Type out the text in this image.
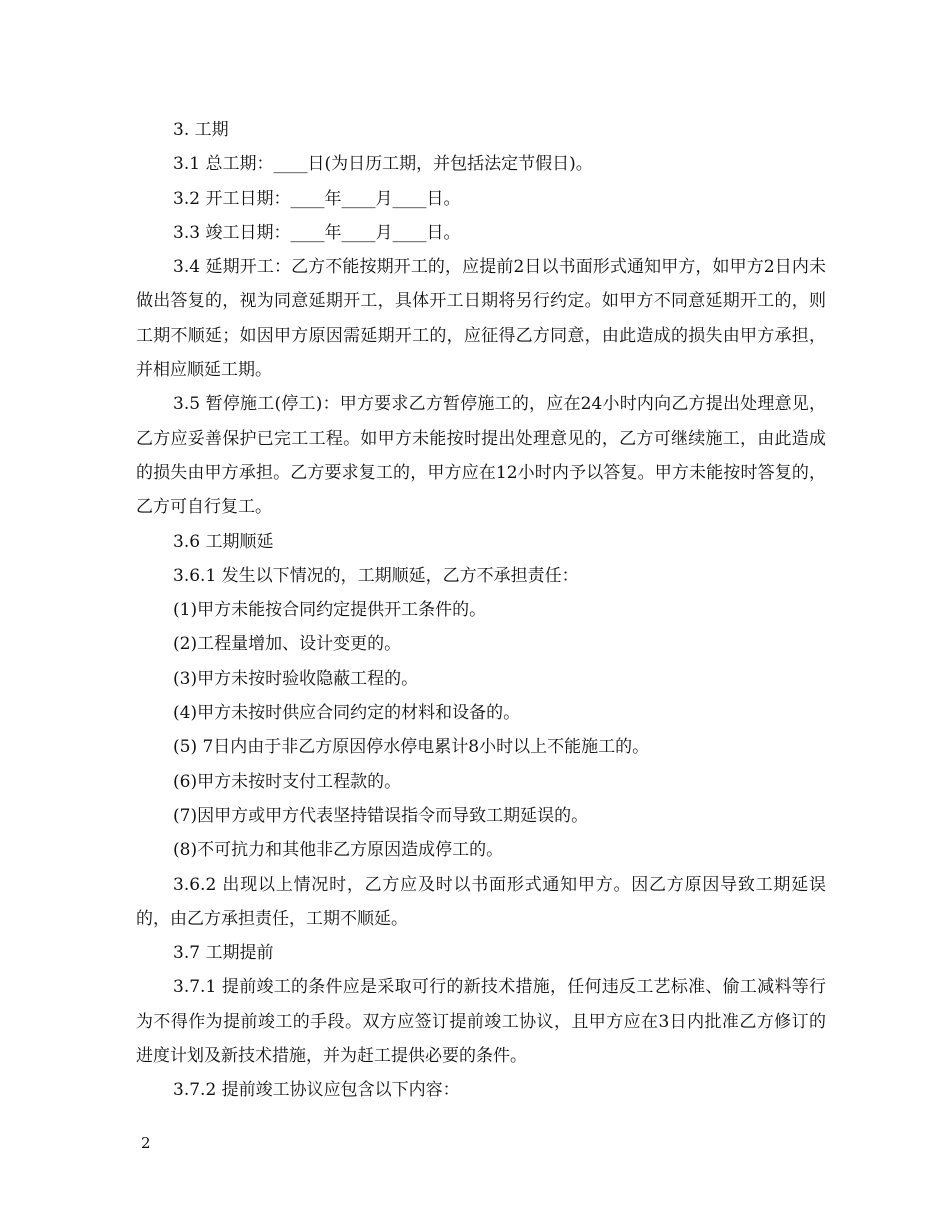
3. 工期

3.1 总工期：____日(为日历工期，并包括法定节假日)。

3.2 开工日期：____年____月____日。

3.3 竣工日期：____年____月____日。

3.4 延期开工：乙方不能按期开工的，应提前2日以书面形式通知甲方，如甲方2日内未做出答复的，视为同意延期开工，具体开工日期将另行约定。如甲方不同意延期开工的，则工期不顺延；如因甲方原因需延期开工的，应征得乙方同意，由此造成的损失由甲方承担，并相应顺延工期。

3.5 暂停施工(停工)：甲方要求乙方暂停施工的，应在24小时内向乙方提出处理意见，乙方应妥善保护已完工工程。如甲方未能按时提出处理意见的，乙方可继续施工，由此造成的损失由甲方承担。乙方要求复工的，甲方应在12小时内予以答复。甲方未能按时答复的，乙方可自行复工。

3.6 工期顺延

3.6.1 发生以下情况的，工期顺延，乙方不承担责任：

(1)甲方未能按合同约定提供开工条件的。

(2)工程量增加、设计变更的。

(3)甲方未按时验收隐蔽工程的。

(4)甲方未按时供应合同约定的材料和设备的。

(5) 7日内由于非乙方原因停水停电累计8小时以上不能施工的。

(6)甲方未按时支付工程款的。

(7)因甲方或甲方代表坚持错误指令而导致工期延误的。

(8)不可抗力和其他非乙方原因造成停工的。

3.6.2 出现以上情况时，乙方应及时以书面形式通知甲方。因乙方原因导致工期延误的，由乙方承担责任，工期不顺延。

3.7 工期提前

3.7.1 提前竣工的条件应是采取可行的新技术措施，任何违反工艺标准、偷工减料等行为不得作为提前竣工的手段。双方应签订提前竣工协议，且甲方应在3日内批准乙方修订的进度计划及新技术措施，并为赶工提供必要的条件。

3.7.2 提前竣工协议应包含以下内容：

2
